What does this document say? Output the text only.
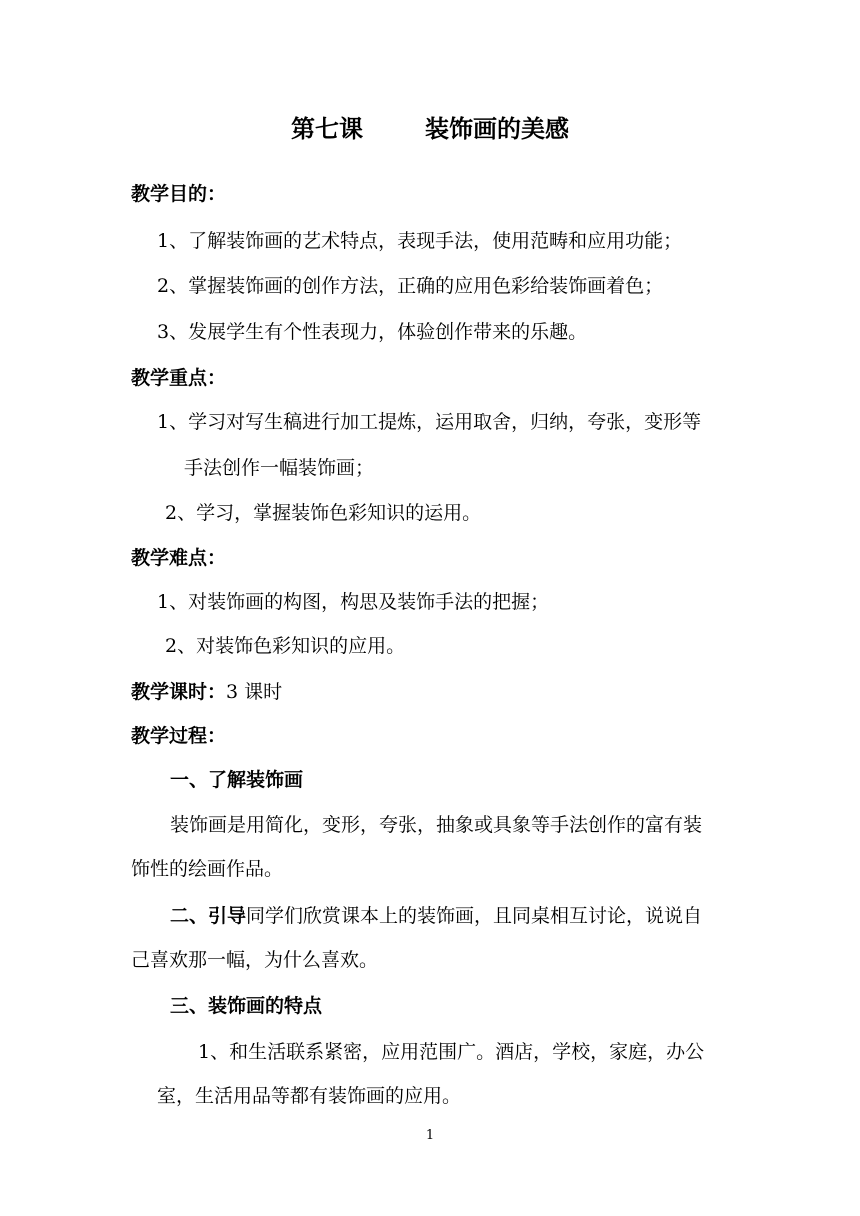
第七课	装饰画的美感
教学目的：
1、了解装饰画的艺术特点，表现手法，使用范畴和应用功能；
2、掌握装饰画的创作方法，正确的应用色彩给装饰画着色；
3、发展学生有个性表现力，体验创作带来的乐趣。
教学重点：
1、学习对写生稿进行加工提炼，运用取舍，归纳，夸张，变形等
手法创作一幅装饰画；
2、学习，掌握装饰色彩知识的运用。
教学难点：
1、对装饰画的构图，构思及装饰手法的把握；
2、对装饰色彩知识的应用。
教学课时：3 课时
教学过程：
一、了解装饰画
装饰画是用简化，变形，夸张，抽象或具象等手法创作的富有装
饰性的绘画作品。
二、引导同学们欣赏课本上的装饰画，且同桌相互讨论，说说自
己喜欢那一幅，为什么喜欢。
三、装饰画的特点
1、和生活联系紧密，应用范围广。酒店，学校，家庭，办公
室，生活用品等都有装饰画的应用。
1
